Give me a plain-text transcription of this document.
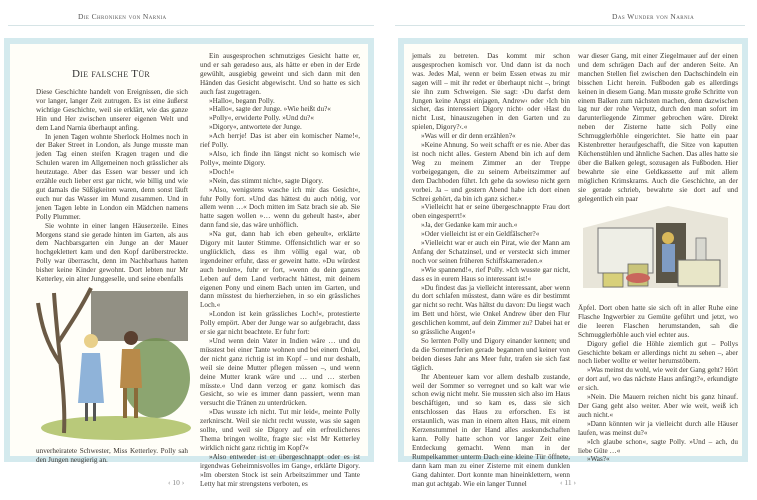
Die Chroniken von Narnia
Die falsche Tür

Diese Geschichte handelt von Ereignissen, die sich vor langer, langer Zeit zutrugen. Es ist eine äußerst wichtige Geschichte, weil sie erklärt, wie das ganze Hin und Her zwischen unserer eigenen Welt und dem Land Narnia überhaupt anfing.

In jenen Tagen wohnte Sherlock Holmes noch in der Baker Street in London, als Junge musste man jeden Tag einen steifen Kragen tragen und die Schulen waren im Allgemeinen noch grässlicher als heutzutage. Aber das Essen war besser und ich erzähle euch lieber erst gar nicht, wie billig und wie gut damals die Süßigkeiten waren, denn sonst läuft euch nur das Wasser im Mund zusammen. Und in jenen Tagen lebte in London ein Mädchen namens Polly Plummer.

Sie wohnte in einer langen Häuserzeile. Eines Morgens stand sie gerade hinten im Garten, als aus dem Nachbarsgarten ein Junge an der Mauer hochgeklettert kam und den Kopf darüberstreckte. Polly war überrascht, denn im Nachbarhaus hatten bisher keine Kinder gewohnt. Dort lebten nur Mr Ketterley, ein alter Junggeselle, und seine ebenfalls

unverheiratete Schwester, Miss Ketterley. Polly sah den Jungen neugierig an.

Ein ausgesprochen schmutziges Gesicht hatte er, und er sah geradeso aus, als hätte er eben in der Erde gewühlt, ausgiebig geweint und sich dann mit den Händen das Gesicht abgewischt. Und so hatte es sich auch fast zugetragen.

»Hallo«, begann Polly.

»Hallo«, sagte der Junge. »Wie heißt du?«

»Polly«, erwiderte Polly. »Und du?«

»Digory«, antwortete der Junge.

»Ach herrje! Das ist aber ein komischer Name!«, rief Polly.

»Also, ich finde ihn längst nicht so komisch wie Polly«, meinte Digory.

»Doch!«

»Nein, das stimmt nicht«, sagte Digory.

»Also, wenigstens wasche ich mir das Gesicht«, fuhr Polly fort. »Und das hättest du auch nötig, vor allem wenn …« Doch mitten im Satz brach sie ab. Sie hatte sagen wollen »… wenn du geheult hast«, aber dann fand sie, das wäre unhöflich.

»Na gut, dann hab ich eben geheult«, erklärte Digory mit lauter Stimme. Offensichtlich war er so unglücklich, dass es ihm völlig egal war, ob irgendeiner erfuhr, dass er geweint hatte. »Du würdest auch heulen«, fuhr er fort, »wenn du dein ganzes Leben auf dem Land verbracht hättest, mit deinem eigenen Pony und einem Bach unten im Garten, und dann müsstest du hierherziehen, in so ein grässliches Loch.«

»London ist kein grässliches Loch!«, protestierte Polly empört. Aber der Junge war so aufgebracht, dass er sie gar nicht beachtete. Er fuhr fort:

»Und wenn dein Vater in Indien wäre … und du müsstest bei einer Tante wohnen und bei einem Onkel, der nicht ganz richtig ist im Kopf – und nur deshalb, weil sie deine Mutter pflegen müssen –, und wenn deine Mutter krank wäre und … und … sterben müsste.« Und dann verzog er ganz komisch das Gesicht, so wie es immer dann passiert, wenn man versucht die Tränen zu unterdrücken.

»Das wusste ich nicht. Tut mir leid«, meinte Polly zerknirscht. Weil sie nicht recht wusste, was sie sagen sollte, und weil sie Digory auf ein erfreulicheres Thema bringen wollte, fragte sie: »Ist Mr Ketterley wirklich nicht ganz richtig im Kopf?«

»Also entweder ist er übergeschnappt oder es ist irgendwas Geheimnisvolles im Gang«, erklärte Digory. »Im obersten Stock ist sein Arbeitszimmer und Tante Letty hat mir strengstens verboten, es

‹ 10 ›
Das Wunder von Narnia

jemals zu betreten. Das kommt mir schon ausgesprochen komisch vor. Und dann ist da noch was. Jedes Mal, wenn er beim Essen etwas zu mir sagen will – mit ihr redet er überhaupt nicht –, bringt sie ihn zum Schweigen. Sie sagt: ›Du darfst dem Jungen keine Angst einjagen, Andrew‹ oder ›Ich bin sicher, das interessiert Digory nicht‹ oder ›Hast du nicht Lust, hinauszugehen in den Garten und zu spielen, Digory?‹.«

»Was will er dir denn erzählen?«

»Keine Ahnung. So weit schafft er es nie. Aber das ist noch nicht alles. Gestern Abend bin ich auf dem Weg zu meinem Zimmer an der Treppe vorbeigegangen, die zu seinem Arbeitszimmer auf dem Dachboden führt. Ich gehe da sowieso nicht gern vorbei. Ja – und gestern Abend habe ich dort einen Schrei gehört, da bin ich ganz sicher.«

»Vielleicht hat er seine übergeschnappte Frau dort oben eingesperrt!«

»Ja, der Gedanke kam mir auch.«

»Oder vielleicht ist er ein Geldfälscher?«

»Vielleicht war er auch ein Pirat, wie der Mann am Anfang der Schatzinsel, und er versteckt sich immer noch vor seinen früheren Schiffskameraden.«

»Wie spannend!«, rief Polly. »Ich wusste gar nicht, dass es in eurem Haus so interessant ist!«

»Du findest das ja vielleicht interessant, aber wenn du dort schlafen müsstest, dann wäre es dir bestimmt gar nicht so recht. Was hältst du davon: Du liegst wach im Bett und hörst, wie Onkel Andrew über den Flur geschlichen kommt, auf dein Zimmer zu? Dabei hat er so grässliche Augen!«

So lernten Polly und Digory einander kennen; und da die Sommerferien gerade begannen und keiner von beiden dieses Jahr ans Meer fuhr, trafen sie sich fast täglich.

Ihr Abenteuer kam vor allem deshalb zustande, weil der Sommer so verregnet und so kalt war wie schon ewig nicht mehr. Sie mussten sich also im Haus beschäftigen, und so kam es, dass sie sich entschlossen das Haus zu erforschen. Es ist erstaunlich, was man in einem alten Haus, mit einem Kerzenstummel in der Hand alles auskundschaften kann. Polly hatte schon vor langer Zeit eine Entdeckung gemacht. Wenn man in der Rumpelkammer unterm Dach eine kleine Tür öffnete, dann kam man zu einer Zisterne mit einem dunklen Gang dahinter. Dort konnte man hineinklettern, wenn man gut achtgab. Wie ein langer Tunnel

war dieser Gang, mit einer Ziegelmauer auf der einen und dem schrägen Dach auf der anderen Seite. An manchen Stellen fiel zwischen den Dachschindeln ein bisschen Licht herein. Fußboden gab es allerdings keinen in diesem Gang. Man musste große Schritte von einem Balken zum nächsten machen, denn dazwischen lag nur der rohe Verputz, durch den man sofort im darunterliegende Zimmer gebrochen wäre. Direkt neben der Zisterne hatte sich Polly eine Schmugglerhöhle eingerichtet. Sie hatte ein paar Kistenbretter heraufgeschafft, die Sitze von kaputten Küchenstühlen und ähnliche Sachen. Das alles hatte sie über die Balken gelegt, sozusagen als Fußboden. Hier bewahrte sie eine Geldkassette auf mit allem möglichen Krimskrams. Auch die Geschichte, an der sie gerade schrieb, bewahrte sie dort auf und gelegentlich ein paar

Äpfel. Dort oben hatte sie sich oft in aller Ruhe eine Flasche Ingwerbier zu Gemüte geführt und jetzt, wo die leeren Flaschen herumstanden, sah die Schmugglerhöhle auch viel echter aus.

Digory gefiel die Höhle ziemlich gut – Pollys Geschichte bekam er allerdings nicht zu sehen –, aber noch lieber wollte er weiter herumstöbern.

»Was meinst du wohl, wie weit der Gang geht? Hört er dort auf, wo das nächste Haus anfängt?«, erkundigte er sich.

»Nein. Die Mauern reichen nicht bis ganz hinauf. Der Gang geht also weiter. Aber wie weit, weiß ich auch nicht.«

»Dann könnten wir ja vielleicht durch alle Häuser laufen, was meinst du?«

»Ich glaube schon«, sagte Polly. »Und – ach, du liebe Güte …«

»Was?«

‹ 11 ›
